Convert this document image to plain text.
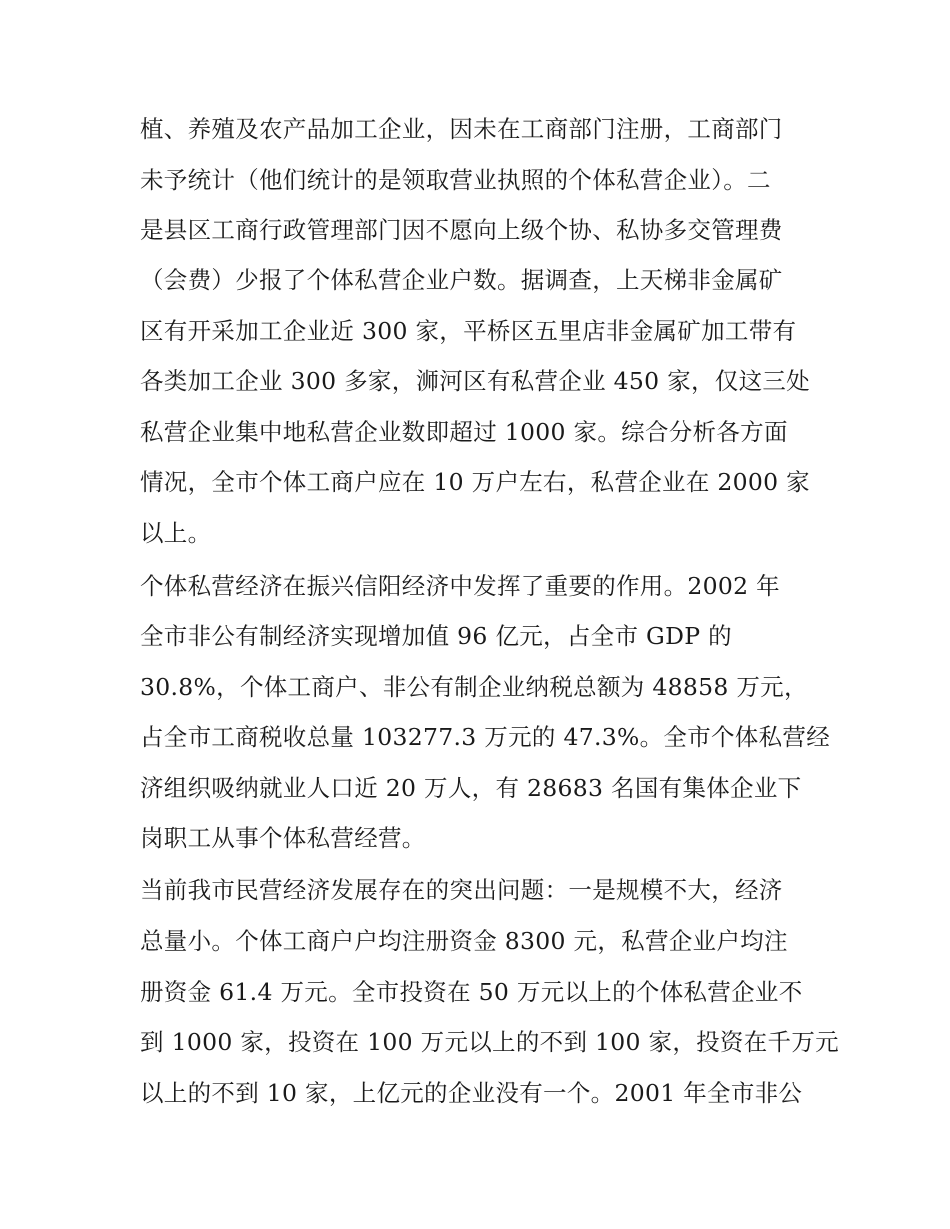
植、养殖及农产品加工企业，因未在工商部门注册，工商部门
未予统计（他们统计的是领取营业执照的个体私营企业）。二
是县区工商行政管理部门因不愿向上级个协、私协多交管理费
（会费）少报了个体私营企业户数。据调查，上天梯非金属矿
区有开采加工企业近 300 家，平桥区五里店非金属矿加工带有
各类加工企业 300 多家，浉河区有私营企业 450 家，仅这三处
私营企业集中地私营企业数即超过 1000 家。综合分析各方面
情况，全市个体工商户应在 10 万户左右，私营企业在 2000 家
以上。
个体私营经济在振兴信阳经济中发挥了重要的作用。2002 年
全市非公有制经济实现增加值 96 亿元，占全市 GDP 的
30.8%，个体工商户、非公有制企业纳税总额为 48858 万元，
占全市工商税收总量 103277.3 万元的 47.3%。全市个体私营经
济组织吸纳就业人口近 20 万人，有 28683 名国有集体企业下
岗职工从事个体私营经营。
当前我市民营经济发展存在的突出问题：一是规模不大，经济
总量小。个体工商户户均注册资金 8300 元，私营企业户均注
册资金 61.4 万元。全市投资在 50 万元以上的个体私营企业不
到 1000 家，投资在 100 万元以上的不到 100 家，投资在千万元
以上的不到 10 家，上亿元的企业没有一个。2001 年全市非公
